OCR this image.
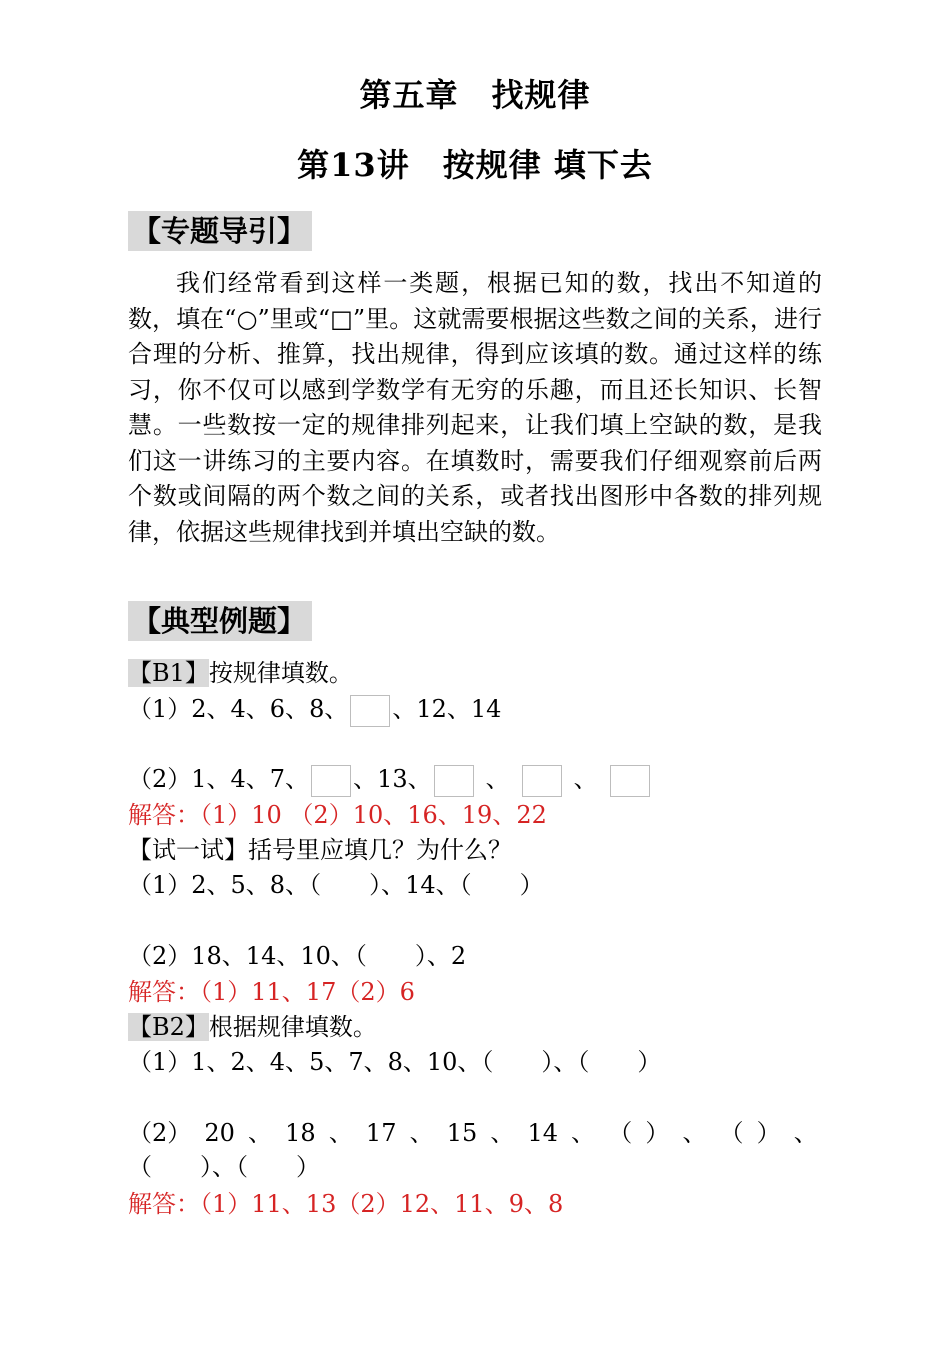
第五章　找规律
第13讲　按规律 填下去
【专题导引】

我们经常看到这样一类题，根据已知的数，找出不知道的数，填在“○”里或“□”里。这就需要根据这些数之间的关系，进行合理的分析、推算，找出规律，得到应该填的数。通过这样的练习，你不仅可以感到学数学有无穷的乐趣，而且还长知识、长智慧。一些数按一定的规律排列起来，让我们填上空缺的数，是我们这一讲练习的主要内容。在填数时，需要我们仔细观察前后两个数或间隔的两个数之间的关系，或者找出图形中各数的排列规律，依据这些规律找到并填出空缺的数。

【典型例题】
【B1】按规律填数。
（1）2、4、6、8、 、12、14
（2）1、4、7、 、13、 、	、
解答：（1）10 （2）10、16、19、22
【试一试】括号里应填几？为什么？
（1）2、5、8、（　　）、14、（　　）
（2）18、14、10、（　　）、2
解答：（1）11、17（2）6
【B2】根据规律填数。
（1）1、2、4、5、7、8、10、（　　）、（　　）
（2） 20 、 18 、 17 、 15 、 14 、 （ ） 、 （ ） 、
（　　）、（　　）
解答：（1）11、13（2）12、11、9、8
